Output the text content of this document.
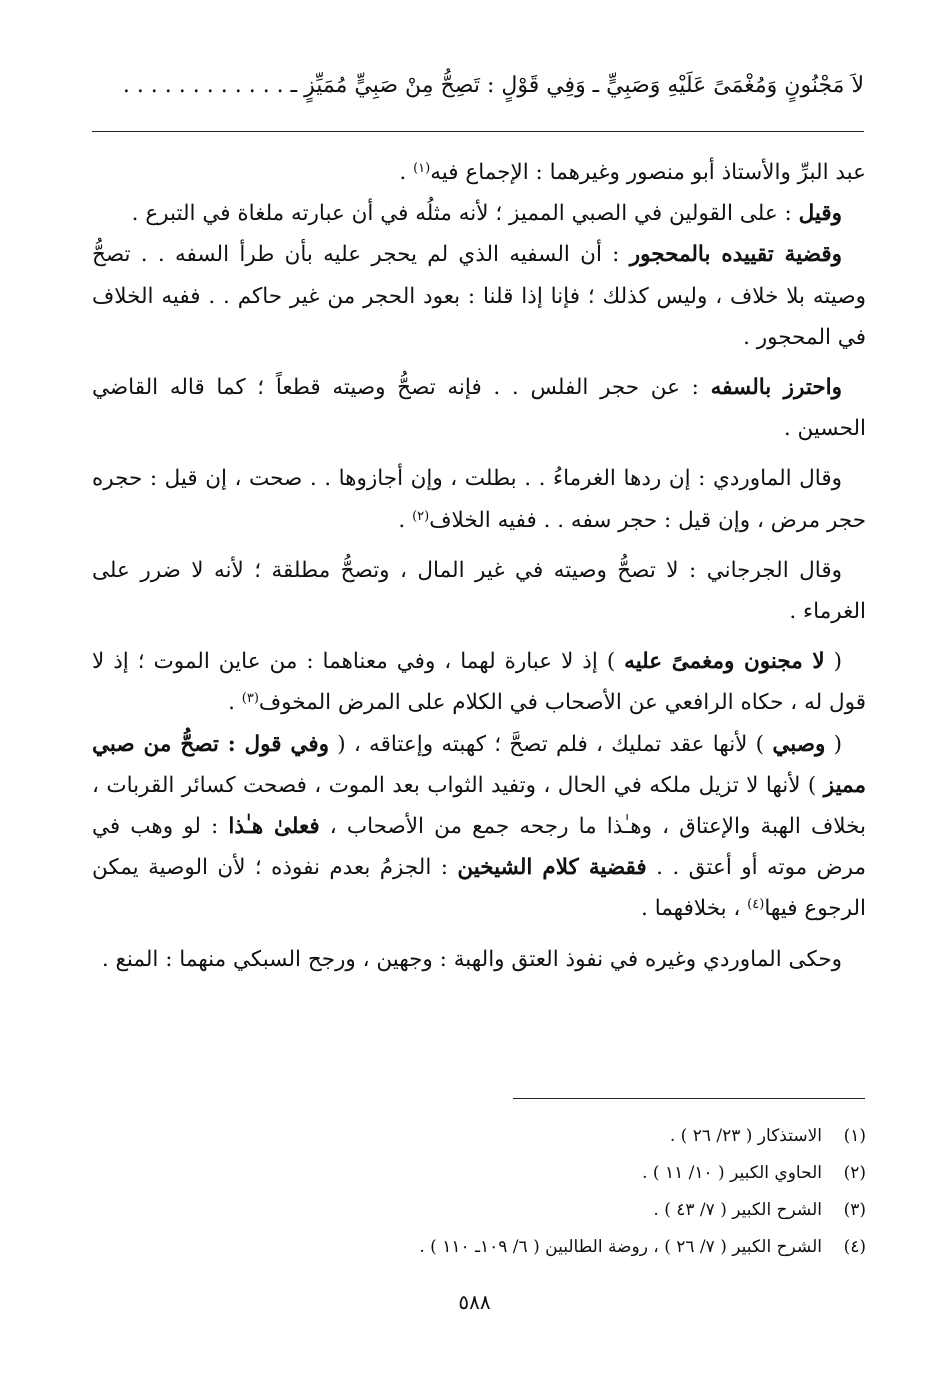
لاَ مَجْنُونٍ وَمُغْمَىً عَلَيْهِ وَصَبِيٍّ ـ وَفِي قَوْلٍ : تَصِحُّ مِنْ صَبِيٍّ مُمَيِّزٍ ـ . . . . . . . . . . . .

عبد البرِّ والأستاذ أبو منصور وغيرهما : الإجماع فيه$^{(١)}$ .

وقيل : على القولين في الصبي المميز ؛ لأنه مثلُه في أن عبارته ملغاة في التبرع .

وقضية تقييده بالمحجور : أن السفيه الذي لم يحجر عليه بأن طرأ السفه . . تصحُّ وصيته بلا خلاف ، وليس كذلك ؛ فإنا إذا قلنا : بعود الحجر من غير حاكم . . ففيه الخلاف في المحجور .

واحترز بالسفه : عن حجر الفلس . . فإنه تصحُّ وصيته قطعاً ؛ كما قاله القاضي الحسين .

وقال الماوردي : إن ردها الغرماءُ . . بطلت ، وإن أجازوها . . صحت ، إن قيل : حجره حجر مرض ، وإن قيل : حجر سفه . . ففيه الخلاف$^{(٢)}$ .

وقال الجرجاني : لا تصحُّ وصيته في غير المال ، وتصحُّ مطلقة ؛ لأنه لا ضرر على الغرماء .

( لا مجنون ومغمىً عليه ) إذ لا عبارة لهما ، وفي معناهما : من عاين الموت ؛ إذ لا قول له ، حكاه الرافعي عن الأصحاب في الكلام على المرض المخوف$^{(٣)}$ .

( وصبي ) لأنها عقد تمليك ، فلم تصحَّ ؛ كهبته وإعتاقه ، ( وفي قول : تصحُّ من صبي مميز ) لأنها لا تزيل ملكه في الحال ، وتفيد الثواب بعد الموت ، فصحت كسائر القربات ، بخلاف الهبة والإعتاق ، وهـٰذا ما رجحه جمع من الأصحاب ، فعلىٰ هـٰذا : لو وهب في مرض موته أو أعتق . . فقضية كلام الشيخين : الجزمُ بعدم نفوذه ؛ لأن الوصية يمكن الرجوع فيها$^{(٤)}$ ، بخلافهما .

وحكى الماوردي وغيره في نفوذ العتق والهبة : وجهين ، ورجح السبكي منهما : المنع .

(١)
الاستذكار ( ٢٣/ ٢٦ ) .
(٢)
الحاوي الكبير ( ١٠/ ١١ ) .
(٣)
الشرح الكبير ( ٧/ ٤٣ ) .
(٤)
الشرح الكبير ( ٧/ ٢٦ ) ، روضة الطالبين ( ٦/ ١٠٩ـ ١١٠ ) .
٥٨٨
